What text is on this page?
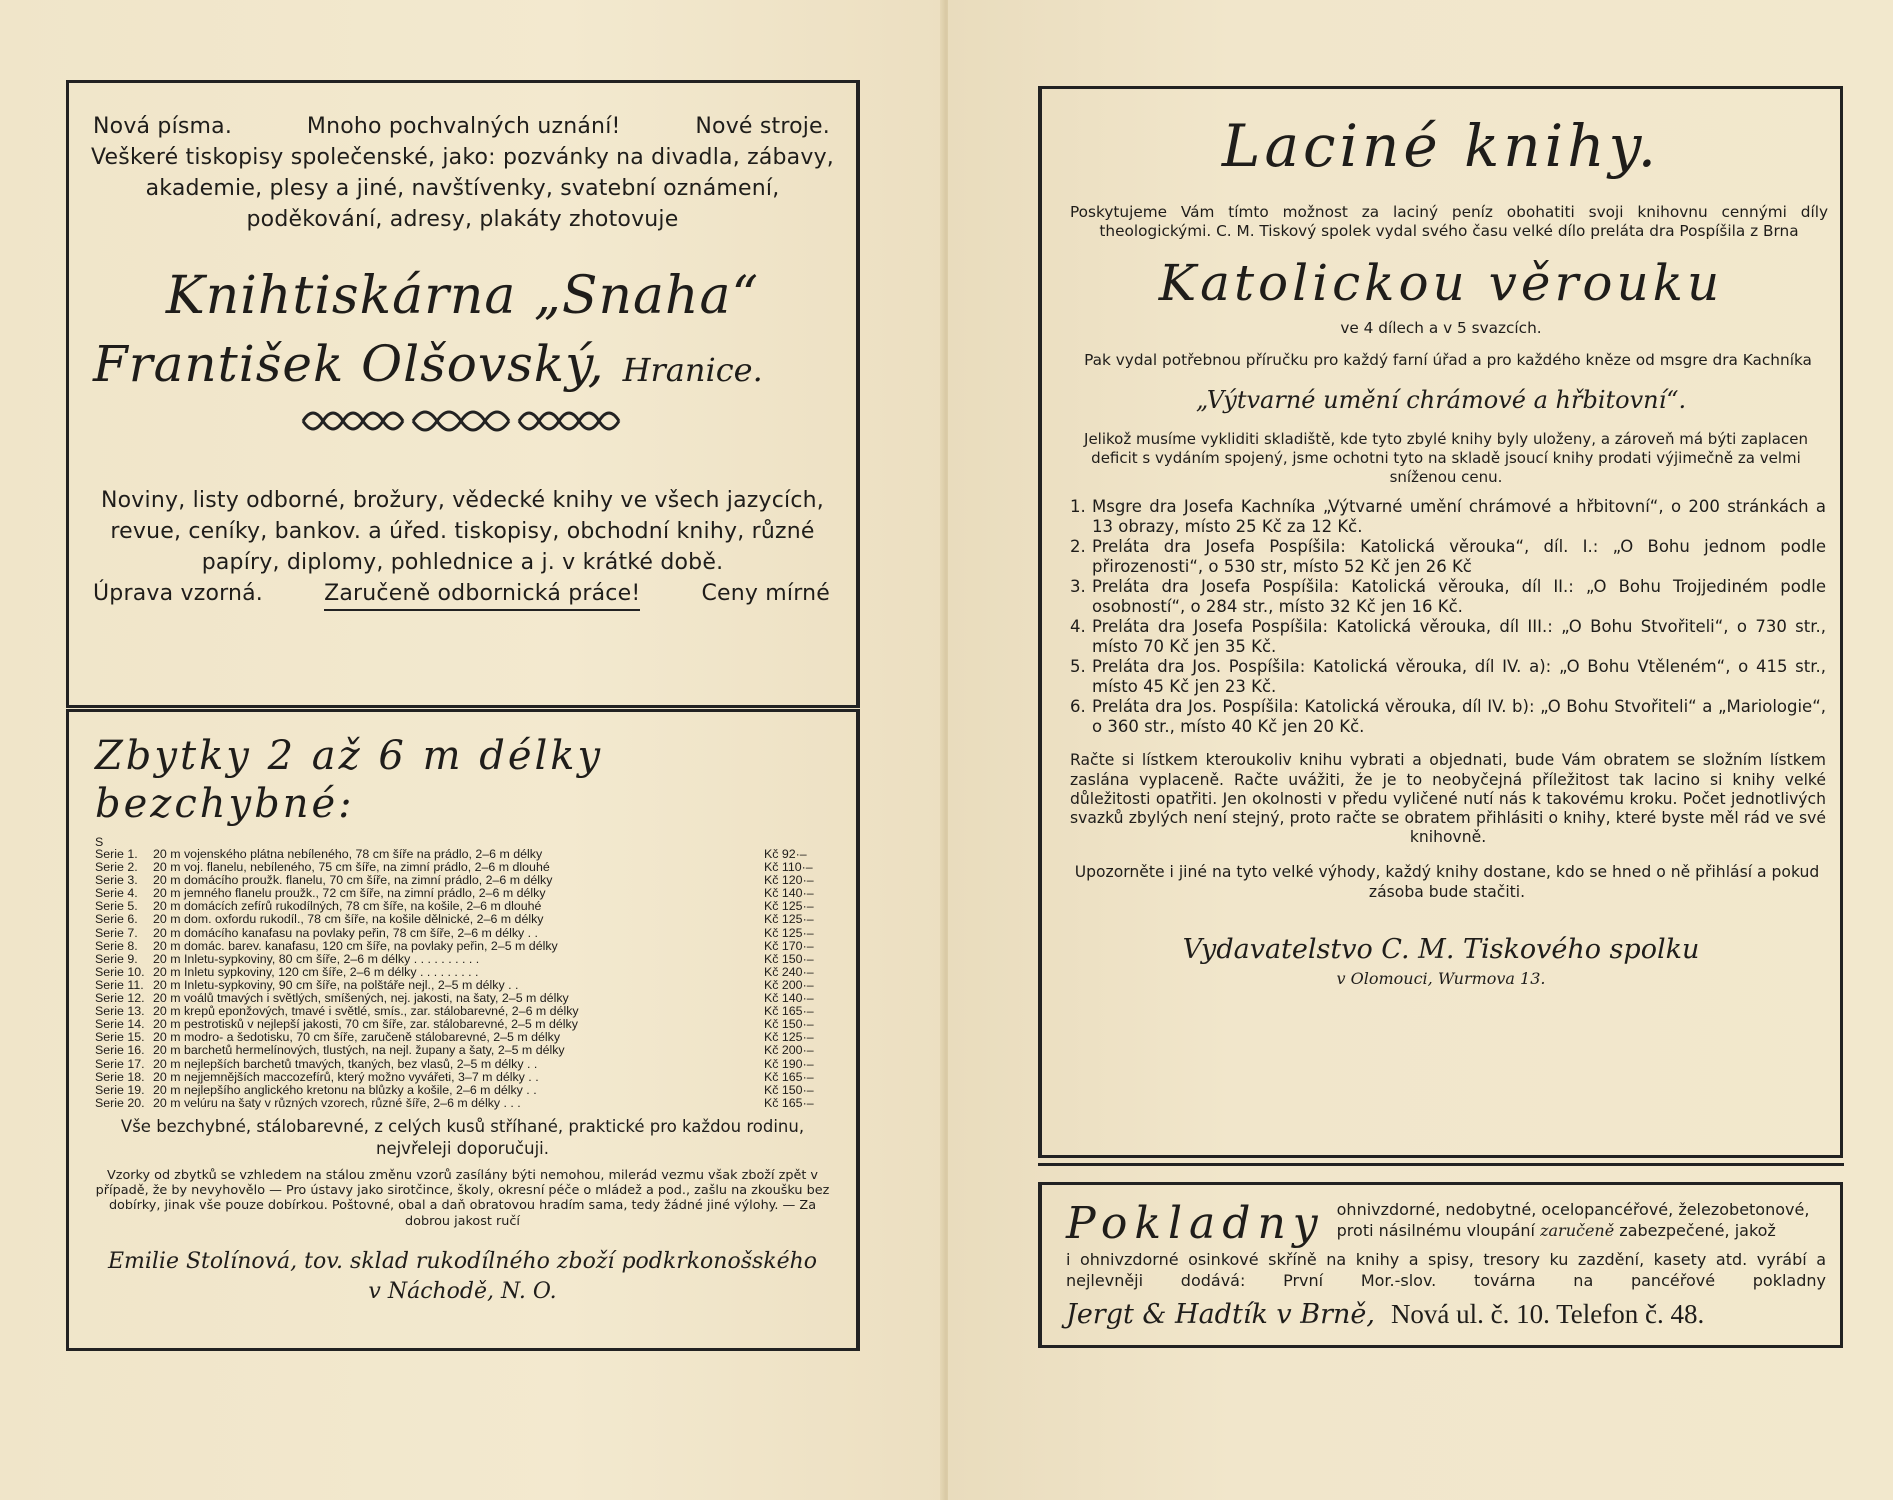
Nová písma.	Mnoho pochvalných uznání!	Nové stroje.
Veškeré tiskopisy společenské, jako: pozvánky na divadla, zábavy, akademie, plesy a jiné, navštívenky, svatební oznámení, poděkování, adresy, plakáty zhotovuje
Knihtiskárna „Snaha“
František Olšovský, Hranice.
Noviny, listy odborné, brožury, vědecké knihy ve všech jazycích, revue, ceníky, bankov. a úřed. tiskopisy, obchodní knihy, různé papíry, diplomy, pohlednice a j. v krátké době.
Úprava vzorná.	Zaručeně odbornická práce!	Ceny mírné
Zbytky 2 až 6 m délky bezchybné:
S
Serie 1.	20 m vojenského plátna nebíleného, 78 cm šíře na prádlo, 2–6 m délky	Kč 92·–
Serie 2.	20 m voj. flanelu, nebíleného, 75 cm šíře, na zimní prádlo, 2–6 m dlouhé	Kč 110·–
Serie 3.	20 m domácího proužk. flanelu, 70 cm šíře, na zimní prádlo, 2–6 m délky	Kč 120·–
Serie 4.	20 m jemného flanelu proužk., 72 cm šíře, na zimní prádlo, 2–6 m délky	Kč 140·–
Serie 5.	20 m domácích zefírů rukodílných, 78 cm šíře, na košile, 2–6 m dlouhé	Kč 125·–
Serie 6.	20 m dom. oxfordu rukodíl., 78 cm šíře, na košile dělnické, 2–6 m délky	Kč 125·–
Serie 7.	20 m domácího kanafasu na povlaky peřin, 78 cm šíře, 2–6 m délky . .	Kč 125·–
Serie 8.	20 m domác. barev. kanafasu, 120 cm šíře, na povlaky peřin, 2–5 m délky	Kč 170·–
Serie 9.	20 m Inletu-sypkoviny, 80 cm šíře, 2–6 m délky . . . . . . . . . .	Kč 150·–
Serie 10. 20 m Inletu sypkoviny, 120 cm šíře, 2–6 m délky . . . . . . . . .	Kč 240·–
Serie 11. 20 m Inletu-sypkoviny, 90 cm šíře, na polštáře nejl., 2–5 m délky . .	Kč 200·–
Serie 12. 20 m voálů tmavých i světlých, smíšených, nej. jakosti, na šaty, 2–5 m délky	Kč 140·–
Serie 13. 20 m krepů eponžových, tmavé i světlé, smís., zar. stálobarevné, 2–6 m délky	Kč 165·–
Serie 14. 20 m pestrotisků v nejlepší jakosti, 70 cm šíře, zar. stálobarevné, 2–5 m délky	Kč 150·–
Serie 15. 20 m modro- a šedotisku, 70 cm šíře, zaručeně stálobarevné, 2–5 m délky	Kč 125·–
Serie 16. 20 m barchetů hermelínových, tlustých, na nejl. župany a šaty, 2–5 m délky	Kč 200·–
Serie 17. 20 m nejlepších barchetů tmavých, tkaných, bez vlasů, 2–5 m délky . .	Kč 190·–
Serie 18. 20 m nejjemnějších maccozefírů, který možno vyvářeti, 3–7 m délky . .	Kč 165·–
Serie 19. 20 m nejlepšího anglického kretonu na blůzky a košile, 2–6 m délky . .	Kč 150·–
Serie 20. 20 m velúru na šaty v různých vzorech, různé šíře, 2–6 m délky . . .	Kč 165·–
Vše bezchybné, stálobarevné, z celých kusů stříhané, praktické pro každou rodinu, nejvřeleji doporučuji.
Vzorky od zbytků se vzhledem na stálou změnu vzorů zasílány býti nemohou, milerád vezmu však zboží zpět v případě, že by nevyhovělo — Pro ústavy jako sirotčince, školy, okresní péče o mládež a pod., zašlu na zkoušku bez dobírky, jinak vše pouze dobírkou. Poštovné, obal a daň obratovou hradím sama, tedy žádné jiné výlohy. — Za dobrou jakost ručí
Emilie Stolínová, tov. sklad rukodílného zboží podkrkonošského
v Náchodě, N. O.
Laciné knihy.
Poskytujeme Vám tímto možnost za laciný peníz obohatiti svoji knihovnu cennými díly theologickými. C. M. Tiskový spolek vydal svého času velké dílo preláta dra Pospíšila z Brna
Katolickou věrouku
ve 4 dílech a v 5 svazcích.
Pak vydal potřebnou příručku pro každý farní úřad a pro každého kněze od msgre dra Kachníka
„Výtvarné umění chrámové a hřbitovní“.
Jelikož musíme vykliditi skladiště, kde tyto zbylé knihy byly uloženy, a zároveň má býti zaplacen deficit s vydáním spojený, jsme ochotni tyto na skladě jsoucí knihy prodati výjimečně za velmi sníženou cenu.
1. Msgre dra Josefa Kachníka „Výtvarné umění chrámové a hřbitovní“, o 200 stránkách a 13 obrazy, místo 25 Kč za 12 Kč.
2. Preláta dra Josefa Pospíšila: Katolická věrouka“, díl. I.: „O Bohu jednom podle přirozenosti“, o 530 str, místo 52 Kč jen 26 Kč
3. Preláta dra Josefa Pospíšila: Katolická věrouka, díl II.: „O Bohu Trojjediném podle osobností“, o 284 str., místo 32 Kč jen 16 Kč.
4. Preláta dra Josefa Pospíšila: Katolická věrouka, díl III.: „O Bohu Stvořiteli“, o 730 str., místo 70 Kč jen 35 Kč.
5. Preláta dra Jos. Pospíšila: Katolická věrouka, díl IV. a): „O Bohu Vtěleném“, o 415 str., místo 45 Kč jen 23 Kč.
6. Preláta dra Jos. Pospíšila: Katolická věrouka, díl IV. b): „O Bohu Stvořiteli“ a „Mariologie“, o 360 str., místo 40 Kč jen 20 Kč.
Račte si lístkem kteroukoliv knihu vybrati a objednati, bude Vám obratem se složním lístkem zaslána vyplaceně. Račte uvážiti, že je to neobyčejná příležitost tak lacino si knihy velké důležitosti opatřiti. Jen okolnosti v předu vyličené nutí nás k takovému kroku. Počet jednotlivých svazků zbylých není stejný, proto račte se obratem přihlásiti o knihy, které byste měl rád ve své knihovně.
Upozorněte i jiné na tyto velké výhody, každý knihy dostane, kdo se hned o ně přihlásí a pokud zásoba bude stačiti.
Vydavatelstvo C. M. Tiskového spolku
v Olomouci, Wurmova 13.
Pokladny ohnivzdorné, nedobytné, ocelopancéřové, železobetonové,
proti násilnému vloupání zaručeně zabezpečené, jakož
i ohnivzdorné osinkové skříně na knihy a spisy, tresory ku zazdění, kasety atd. vyrábí a nejlevněji dodává: První Mor.-slov. továrna na pancéřové pokladny
Jergt & Hadtík v Brně, Nová ul. č. 10. Telefon č. 48.
